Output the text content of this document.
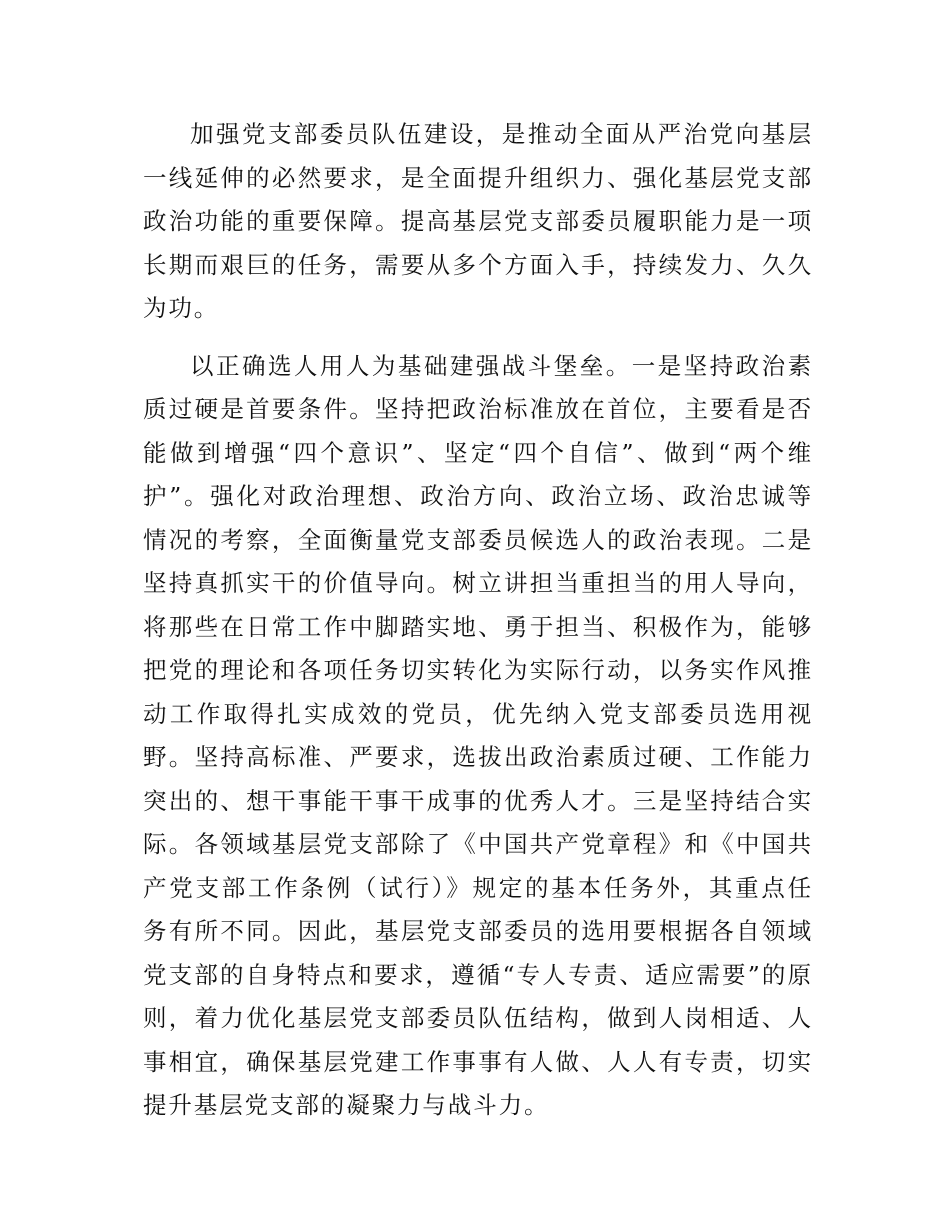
加强党支部委员队伍建设，是推动全面从严治党向基层一线延伸的必然要求，是全面提升组织力、强化基层党支部政治功能的重要保障。提高基层党支部委员履职能力是一项长期而艰巨的任务，需要从多个方面入手，持续发力、久久为功。

以正确选人用人为基础建强战斗堡垒。一是坚持政治素质过硬是首要条件。坚持把政治标准放在首位，主要看是否能做到增强“四个意识”、坚定“四个自信”、做到“两个维护”。强化对政治理想、政治方向、政治立场、政治忠诚等情况的考察，全面衡量党支部委员候选人的政治表现。二是坚持真抓实干的价值导向。树立讲担当重担当的用人导向，将那些在日常工作中脚踏实地、勇于担当、积极作为，能够把党的理论和各项任务切实转化为实际行动，以务实作风推动工作取得扎实成效的党员，优先纳入党支部委员选用视野。坚持高标准、严要求，选拔出政治素质过硬、工作能力突出的、想干事能干事干成事的优秀人才。三是坚持结合实际。各领域基层党支部除了《中国共产党章程》和《中国共产党支部工作条例（试行）》规定的基本任务外，其重点任务有所不同。因此，基层党支部委员的选用要根据各自领域党支部的自身特点和要求，遵循“专人专责、适应需要”的原则，着力优化基层党支部委员队伍结构，做到人岗相适、人事相宜，确保基层党建工作事事有人做、人人有专责，切实提升基层党支部的凝聚力与战斗力。
